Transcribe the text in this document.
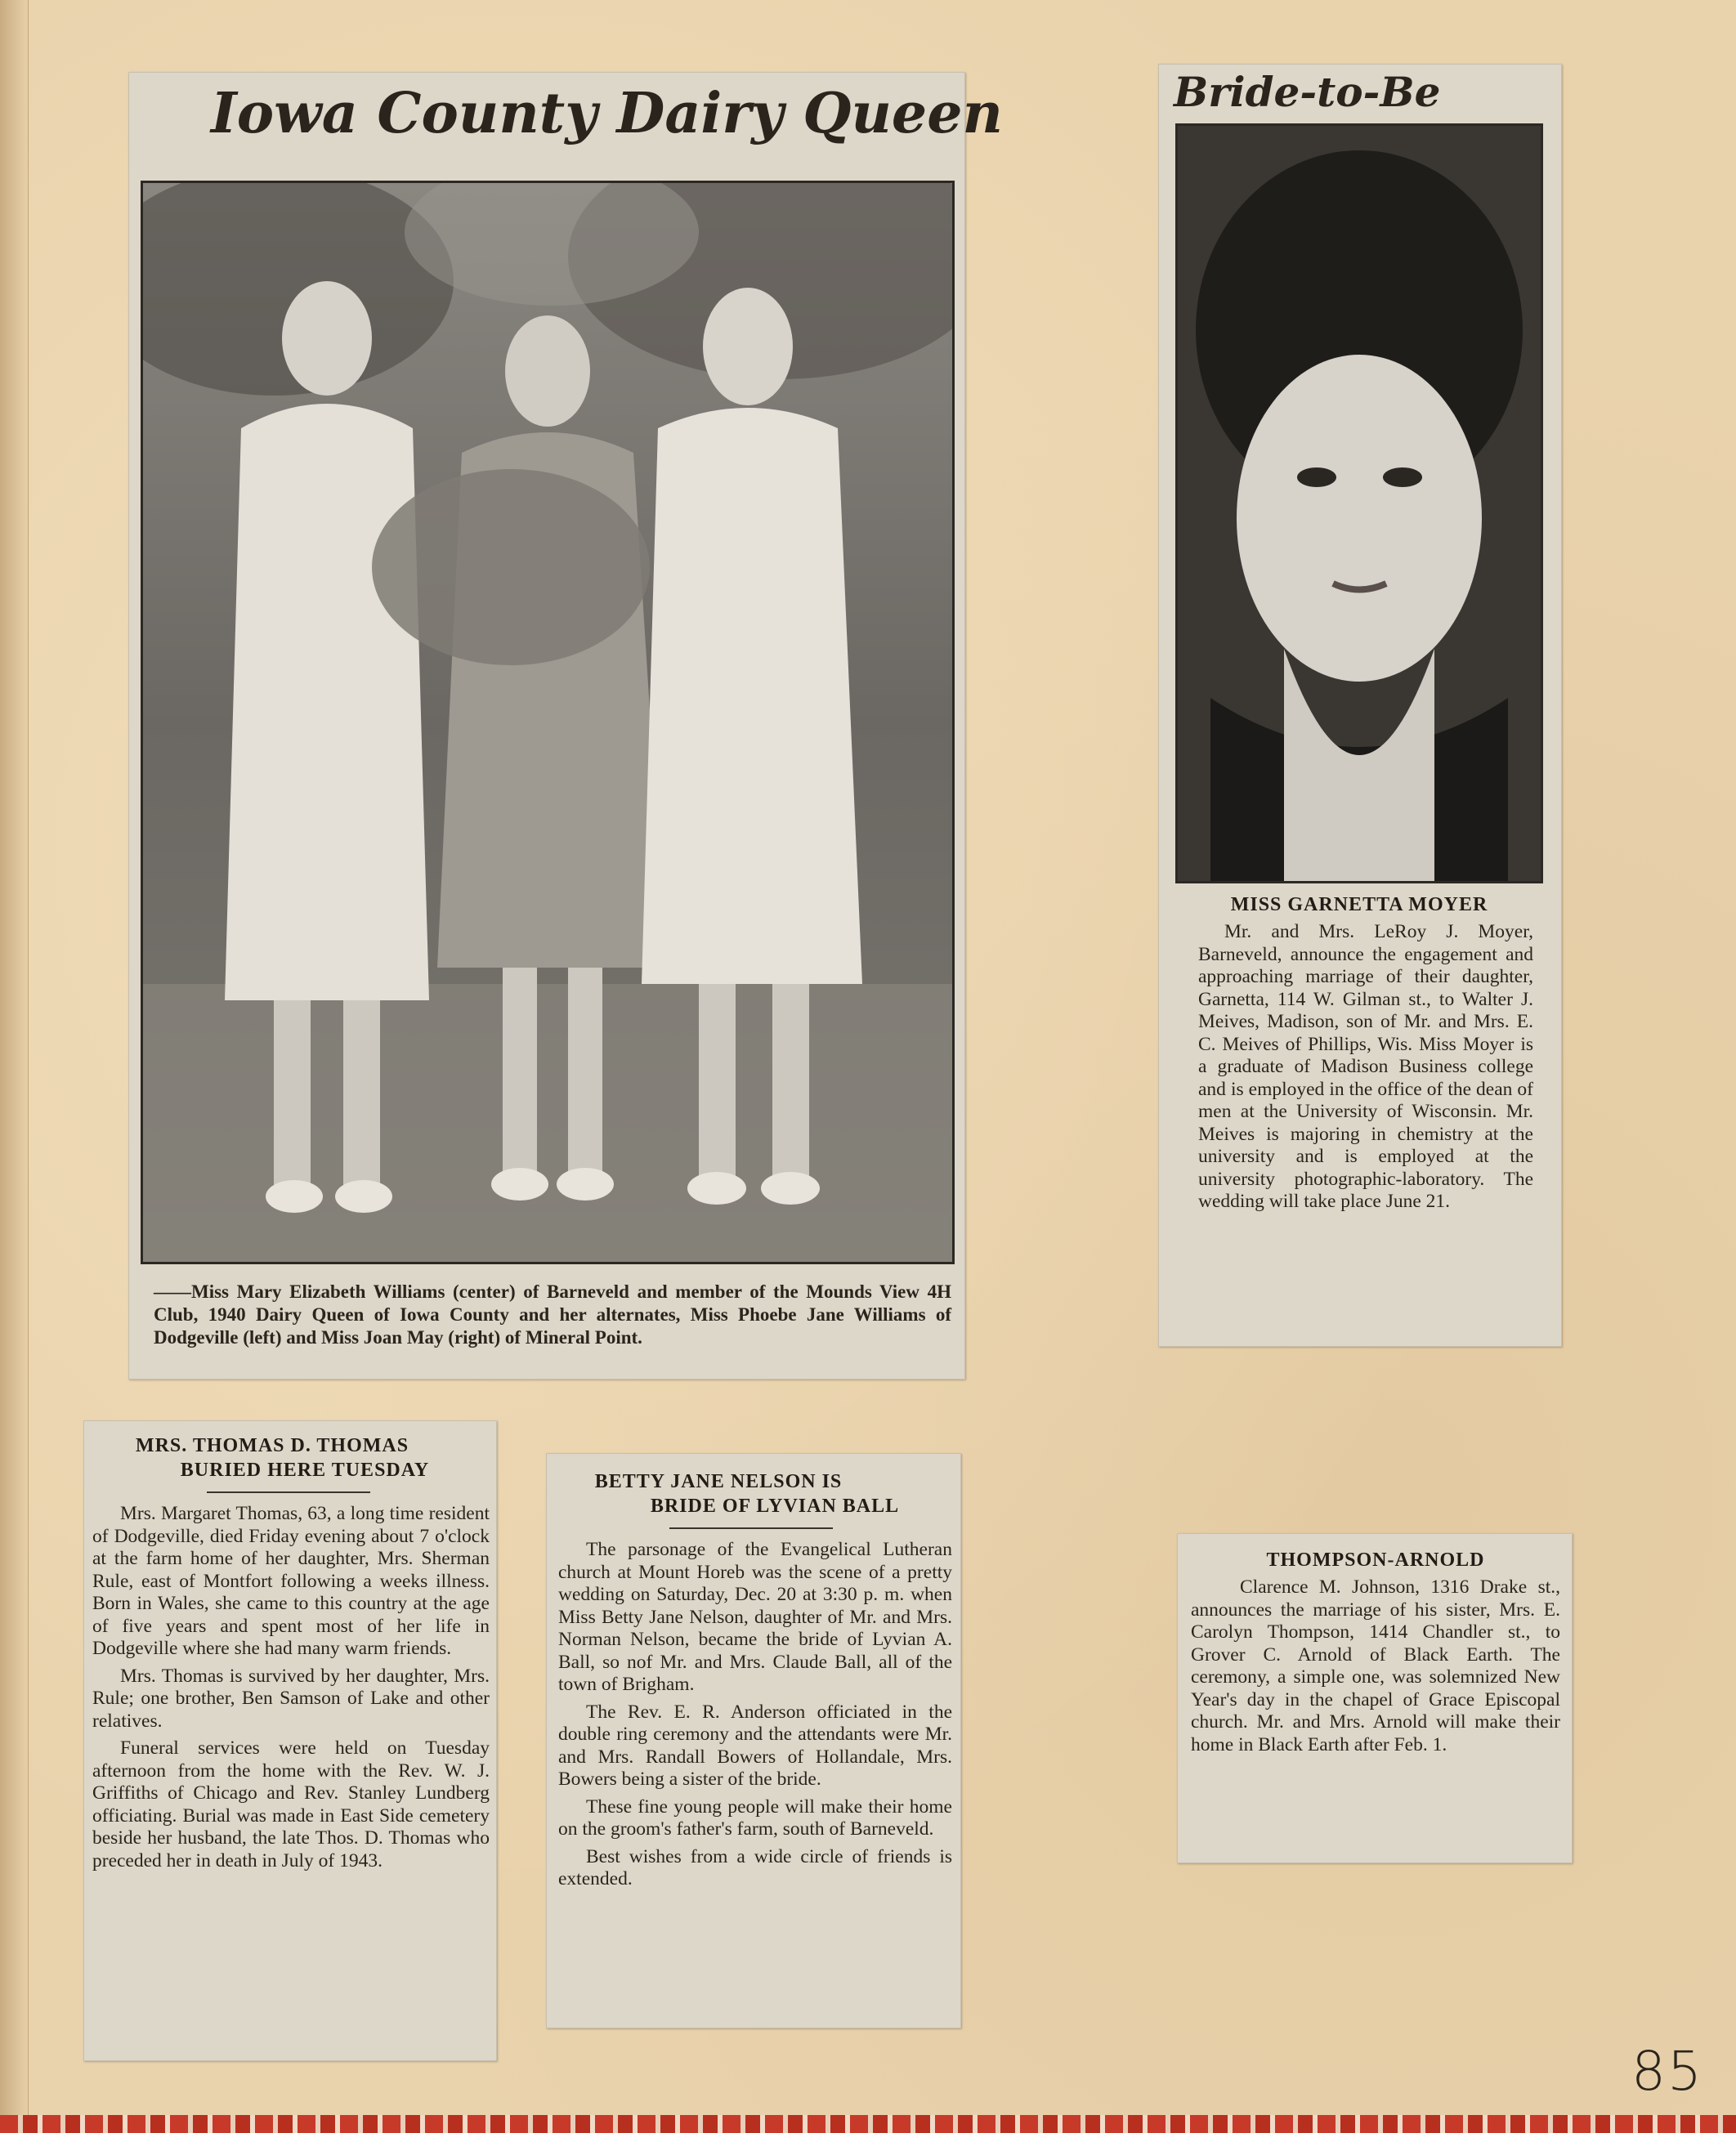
Iowa County Dairy Queen

——Miss Mary Elizabeth Williams (center) of Barneveld and member of the Mounds View 4H Club, 1940 Dairy Queen of Iowa County and her alternates, Miss Phoebe Jane Williams of Dodgeville (left) and Miss Joan May (right) of Mineral Point.

Bride-to-Be
MISS GARNETTA MOYER

Mr. and Mrs. LeRoy J. Moyer, Barneveld, announce the engagement and approaching marriage of their daughter, Garnetta, 114 W. Gilman st., to Walter J. Meives, Madison, son of Mr. and Mrs. E. C. Meives of Phillips, Wis. Miss Moyer is a graduate of Madison Business college and is employed in the office of the dean of men at the University of Wisconsin. Mr. Meives is majoring in chemistry at the university and is employed at the university photographic-laboratory. The wedding will take place June 21.

MRS. THOMAS D. THOMAS
BURIED HERE TUESDAY

Mrs. Margaret Thomas, 63, a long time resident of Dodgeville, died Friday evening about 7 o'clock at the farm home of her daughter, Mrs. Sherman Rule, east of Montfort following a weeks illness. Born in Wales, she came to this country at the age of five years and spent most of her life in Dodgeville where she had many warm friends.

Mrs. Thomas is survived by her daughter, Mrs. Rule; one brother, Ben Samson of Lake and other relatives.

Funeral services were held on Tuesday afternoon from the home with the Rev. W. J. Griffiths of Chicago and Rev. Stanley Lundberg officiating. Burial was made in East Side cemetery beside her husband, the late Thos. D. Thomas who preceded her in death in July of 1943.

BETTY JANE NELSON IS
BRIDE OF LYVIAN BALL

The parsonage of the Evangelical Lutheran church at Mount Horeb was the scene of a pretty wedding on Saturday, Dec. 20 at 3:30 p. m. when Miss Betty Jane Nelson, daughter of Mr. and Mrs. Norman Nelson, became the bride of Lyvian A. Ball, so nof Mr. and Mrs. Claude Ball, all of the town of Brigham.

The Rev. E. R. Anderson officiated in the double ring ceremony and the attendants were Mr. and Mrs. Randall Bowers of Hollandale, Mrs. Bowers being a sister of the bride.

These fine young people will make their home on the groom's father's farm, south of Barneveld.

Best wishes from a wide circle of friends is extended.

THOMPSON-ARNOLD

Clarence M. Johnson, 1316 Drake st., announces the marriage of his sister, Mrs. E. Carolyn Thompson, 1414 Chandler st., to Grover C. Arnold of Black Earth. The ceremony, a simple one, was solemnized New Year's day in the chapel of Grace Episcopal church. Mr. and Mrs. Arnold will make their home in Black Earth after Feb. 1.

85
